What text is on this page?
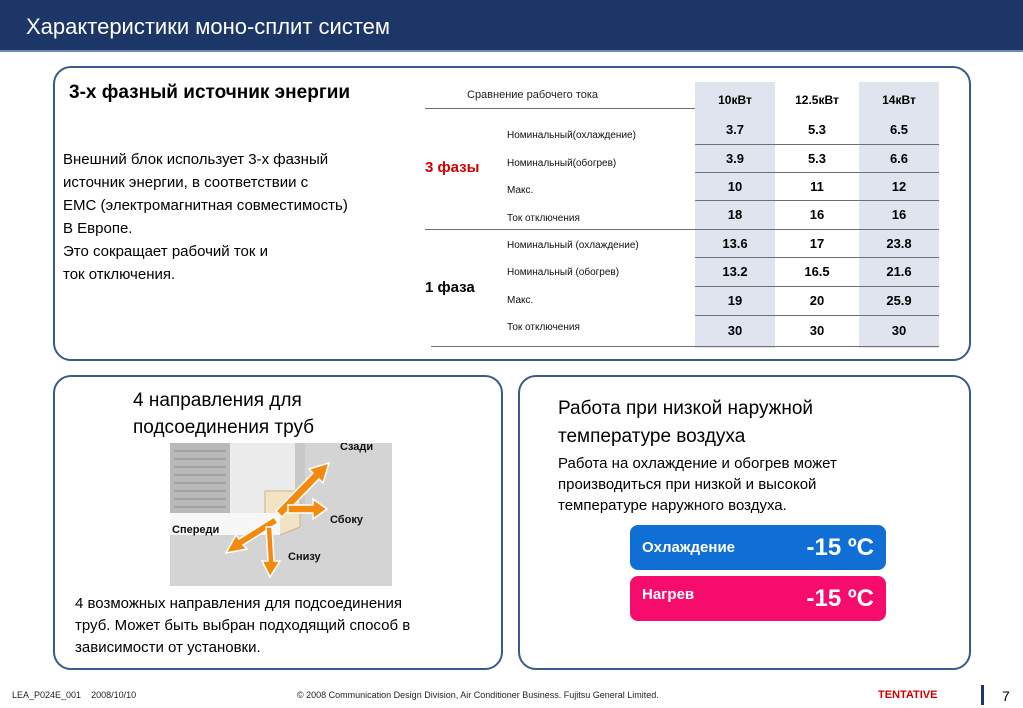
Характеристики моно-сплит систем
3-х фазный источник энергии
Внешний блок использует 3-х фазный
источник энергии, в соответствии с
EMC (электромагнитная совместимость)
В Европе.
Это сокращает рабочий ток и
ток отключения.
Сравнение рабочего тока	10кВт	12.5кВт	14кВт
3 фазы
1 фаза
Номинальный(охлаждение)	3.7	5.3	6.5
Номинальный(обогрев)	3.9	5.3	6.6
Макс.	10	11	12
Ток отключения	18	16	16
Номинальный (охлаждение)	13.6	17	23.8
Номинальный (обогрев)	13.2	16.5	21.6
Макс.	19	20	25.9
Ток отключения	30	30	30
4 направления для
подсоединения труб
Сзади
Сбоку
Спереди
Снизу
4 возможных направления для подсоединения
труб. Может быть выбран подходящий способ в
зависимости от установки.
Работа при низкой наружной
температуре воздуха
Работа на охлаждение и обогрев может
производиться при низкой и высокой
температуре наружного воздуха.
Охлаждение	-15 ºC
Нагрев	-15 ºC
LEA_P024E_001 2008/10/10	© 2008 Communication Design Division, Air Conditioner Business. Fujitsu General Limited.	TENTATIVE	7
